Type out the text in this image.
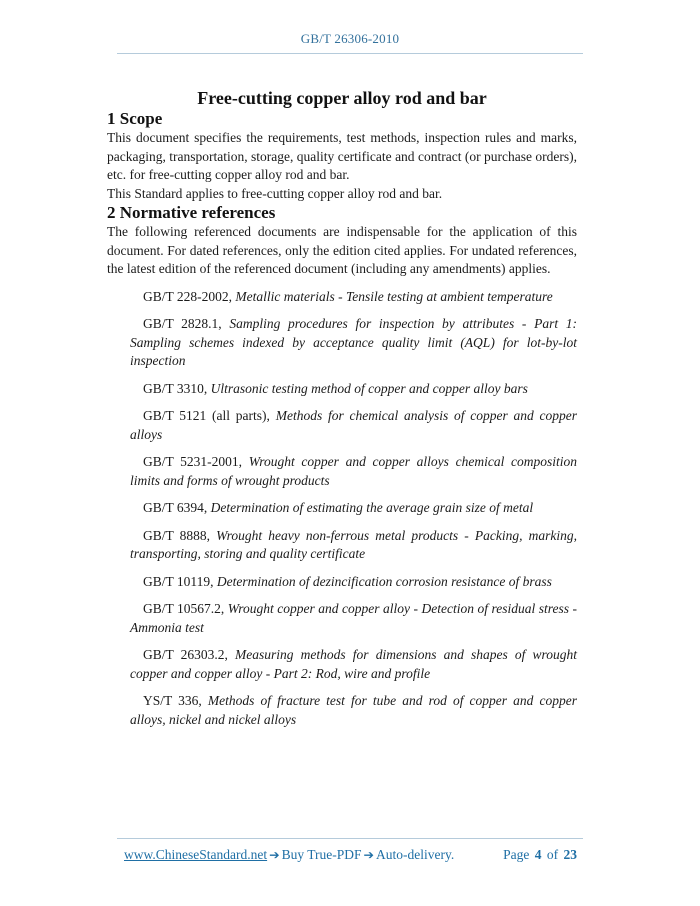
GB/T 26306-2010
Free-cutting copper alloy rod and bar
1 Scope

This document specifies the requirements, test methods, inspection rules and marks, packaging, transportation, storage, quality certificate and contract (or purchase orders), etc. for free-cutting copper alloy rod and bar.

This Standard applies to free-cutting copper alloy rod and bar.

2 Normative references

The following referenced documents are indispensable for the application of this document. For dated references, only the edition cited applies. For undated references, the latest edition of the referenced document (including any amendments) applies.

GB/T 228-2002, Metallic materials - Tensile testing at ambient temperature

GB/T 2828.1, Sampling procedures for inspection by attributes - Part 1: Sampling schemes indexed by acceptance quality limit (AQL) for lot-by-lot inspection

GB/T 3310, Ultrasonic testing method of copper and copper alloy bars

GB/T 5121 (all parts), Methods for chemical analysis of copper and copper alloys

GB/T 5231-2001, Wrought copper and copper alloys chemical composition limits and forms of wrought products

GB/T 6394, Determination of estimating the average grain size of metal

GB/T 8888, Wrought heavy non-ferrous metal products - Packing, marking, transporting, storing and quality certificate

GB/T 10119, Determination of dezincification corrosion resistance of brass

GB/T 10567.2, Wrought copper and copper alloy - Detection of residual stress - Ammonia test

GB/T 26303.2, Measuring methods for dimensions and shapes of wrought copper and copper alloy - Part 2: Rod, wire and profile

YS/T 336, Methods of fracture test for tube and rod of copper and copper alloys, nickel and nickel alloys

www.ChineseStandard.net ➔ Buy True-PDF ➔ Auto-delivery.	Page 4 of 23
